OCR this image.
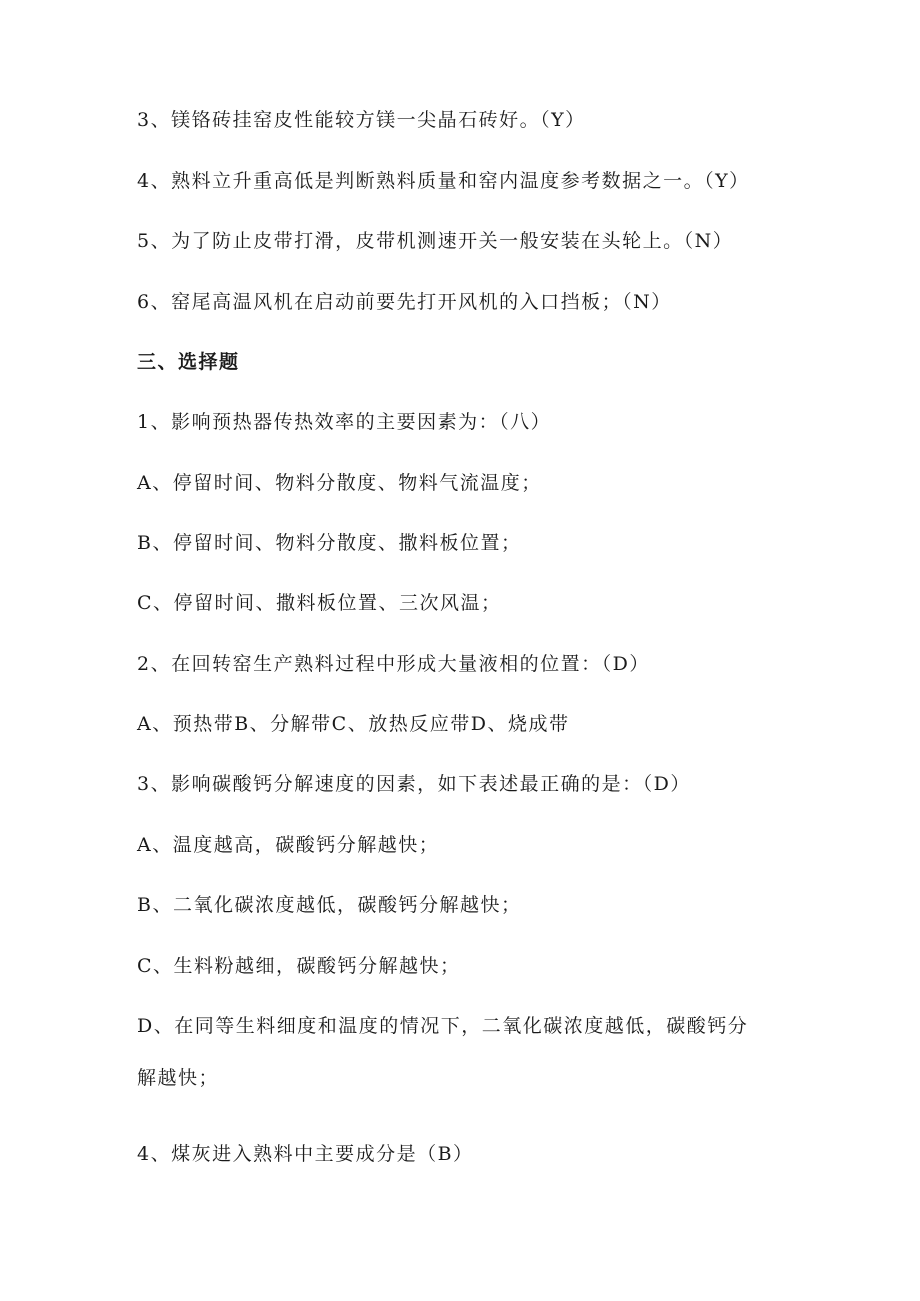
3、镁铬砖挂窑皮性能较方镁一尖晶石砖好。（Y）
4、熟料立升重高低是判断熟料质量和窑内温度参考数据之一。（Y）
5、为了防止皮带打滑，皮带机测速开关一般安装在头轮上。（N）
6、窑尾高温风机在启动前要先打开风机的入口挡板；（N）
三、选择题
1、影响预热器传热效率的主要因素为：（八）
A、停留时间、物料分散度、物料气流温度；
B、停留时间、物料分散度、撒料板位置；
C、停留时间、撒料板位置、三次风温；
2、在回转窑生产熟料过程中形成大量液相的位置：（D）
A、预热带B、分解带C、放热反应带D、烧成带
3、影响碳酸钙分解速度的因素，如下表述最正确的是：（D）
A、温度越高，碳酸钙分解越快；
B、二氧化碳浓度越低，碳酸钙分解越快；
C、生料粉越细，碳酸钙分解越快；
D、在同等生料细度和温度的情况下，二氧化碳浓度越低，碳酸钙分
解越快；
4、煤灰进入熟料中主要成分是（B）
